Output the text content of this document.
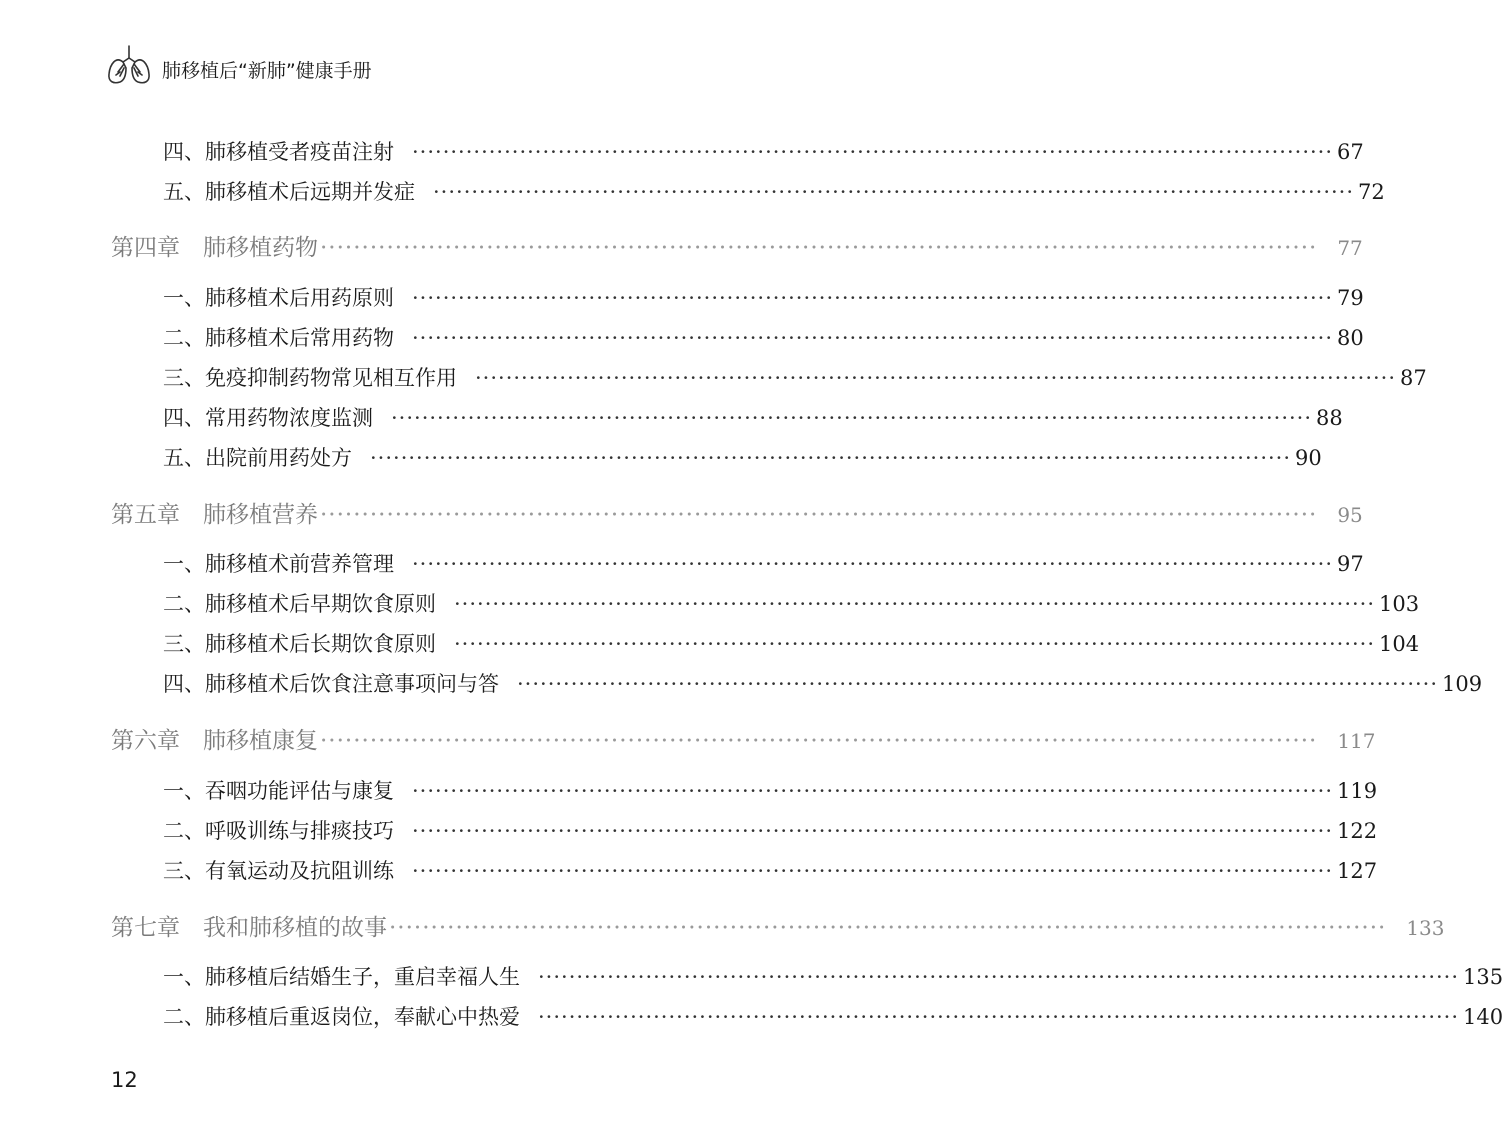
肺移植后“新肺”健康手册
四、肺移植受者疫苗注射 ························································································································ 67
五、肺移植术后远期并发症 ························································································································ 72
第四章　肺移植药物 ························································································································ 77
一、肺移植术后用药原则 ························································································································ 79
二、肺移植术后常用药物 ························································································································ 80
三、免疫抑制药物常见相互作用 ························································································································ 87
四、常用药物浓度监测 ························································································································ 88
五、出院前用药处方 ························································································································ 90
第五章　肺移植营养 ························································································································ 95
一、肺移植术前营养管理 ························································································································ 97
二、肺移植术后早期饮食原则 ························································································································ 103
三、肺移植术后长期饮食原则 ························································································································ 104
四、肺移植术后饮食注意事项问与答 ························································································································ 109
第六章　肺移植康复 ························································································································ 117
一、吞咽功能评估与康复 ························································································································ 119
二、呼吸训练与排痰技巧 ························································································································ 122
三、有氧运动及抗阻训练 ························································································································ 127
第七章　我和肺移植的故事 ························································································································ 133
一、肺移植后结婚生子，重启幸福人生 ························································································································ 135
二、肺移植后重返岗位，奉献心中热爱 ························································································································ 140
12
